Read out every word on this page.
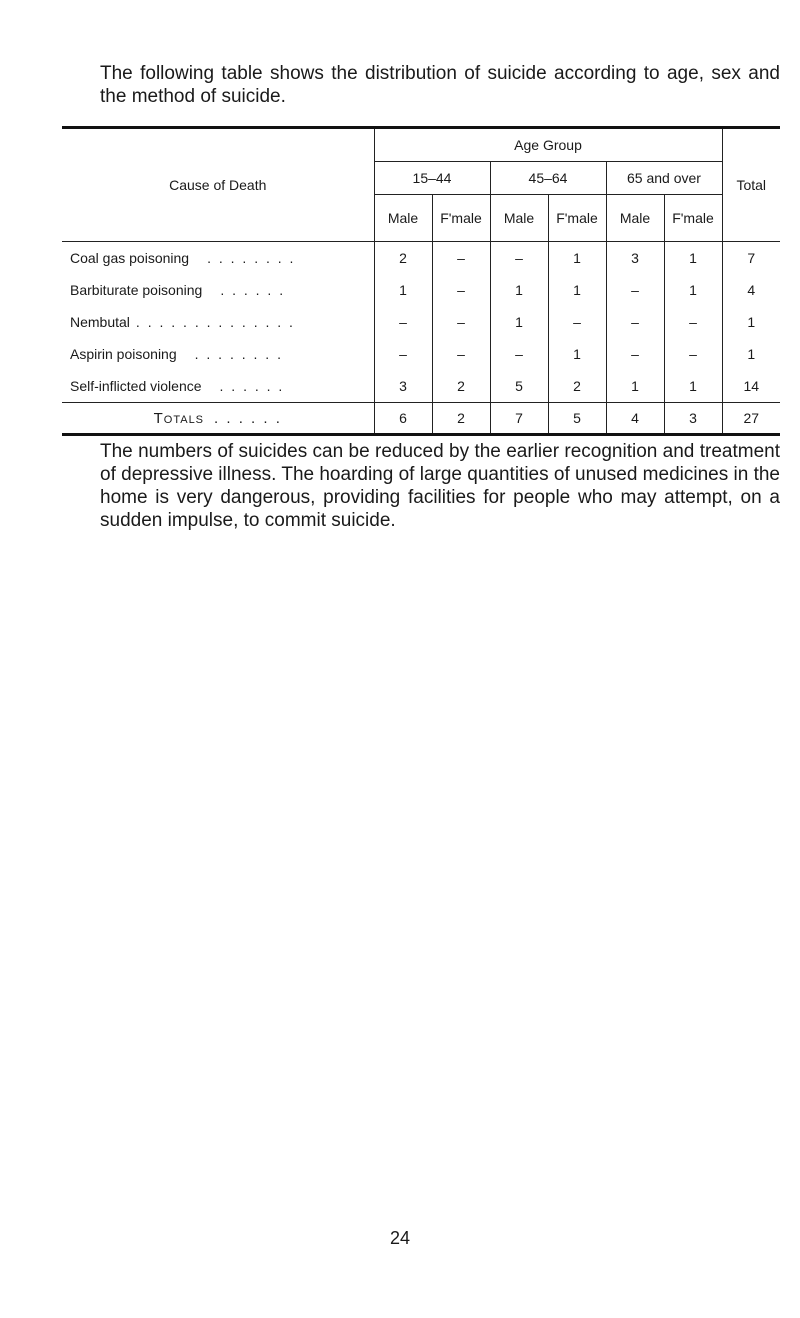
The following table shows the distribution of suicide according to age, sex and the method of suicide.

Cause of Death	Age Group						Total
	15–44		45–64		65 and over		
	Male	F'male	Male	F'male	Male	F'male	
Coal gas poisoning . . . . . . . .	2	–	–	1	3	1	7
Barbiturate poisoning . . . . . .	1	–	1	1	–	1	4
Nembutal . . . . . . . . . . . . . .	–	–	1	–	–	–	1
Aspirin poisoning . . . . . . . .	–	–	–	1	–	–	1
Self-inflicted violence . . . . . .	3	2	5	2	1	1	14
Totals . . . . . .	6	2	7	5	4	3	27

The numbers of suicides can be reduced by the earlier recognition and treatment of depressive illness. The hoarding of large quantities of unused medicines in the home is very dangerous, providing facilities for people who may attempt, on a sudden impulse, to commit suicide.

24
